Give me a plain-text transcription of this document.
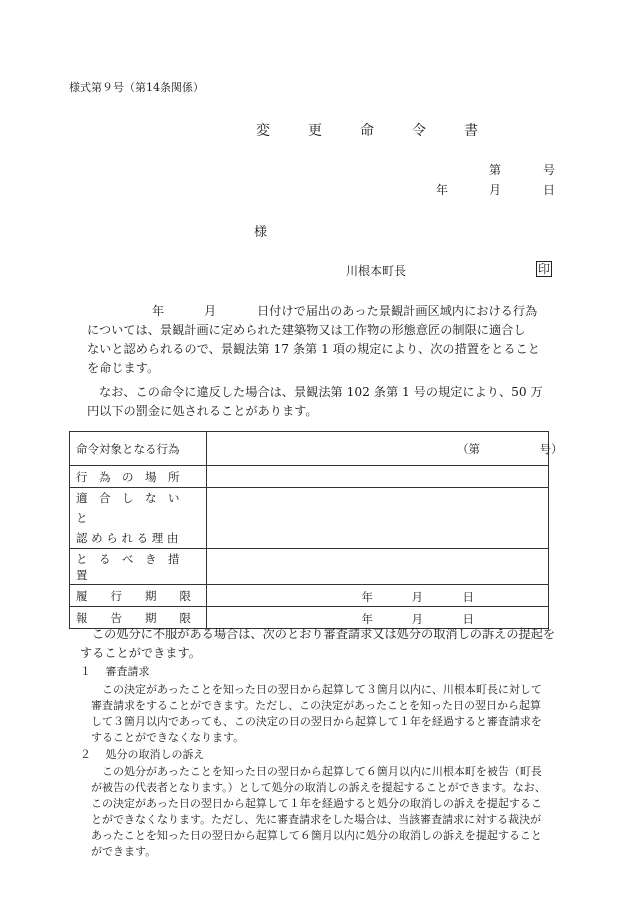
様式第９号（第14条関係）
変　更　命　令　書
第	号
年	月	日
様
川根本町長	印
年	月	日付けで届出のあった景観計画区域内における行為
については、景観計画に定められた建築物又は工作物の形態意匠の制限に適合し
ないと認められるので、景観法第 17 条第 1 項の規定により、次の措置をとること
を命じます。
なお、この命令に違反した場合は、景観法第 102 条第 1 号の規定により、50 万
円以下の罰金に処されることがあります。
命令対象となる行為	（第 号）
行　為　の　場　所	

適　合　し　な　い　と
認 め ら れ る 理 由	

と　る　べ　き　措　置	
履　　行　　期　　限	年 月 日

報　　告　　期　　限	年 月 日
この処分に不服がある場合は、次のとおり審査請求又は処分の取消しの訴えの提起を
することができます。
１　 審査請求
この決定があったことを知った日の翌日から起算して３箇月以内に、川根本町長に対して
審査請求をすることができます。ただし、この決定があったことを知った日の翌日から起算
して３箇月以内であっても、この決定の日の翌日から起算して１年を経過すると審査請求を
することができなくなります。
２　 処分の取消しの訴え
この処分があったことを知った日の翌日から起算して６箇月以内に川根本町を被告（町長
が被告の代表者となります。）として処分の取消しの訴えを提起することができます。なお、
この決定があった日の翌日から起算して１年を経過すると処分の取消しの訴えを提起するこ
とができなくなります。ただし、先に審査請求をした場合は、当該審査請求に対する裁決が
あったことを知った日の翌日から起算して６箇月以内に処分の取消しの訴えを提起すること
ができます。
